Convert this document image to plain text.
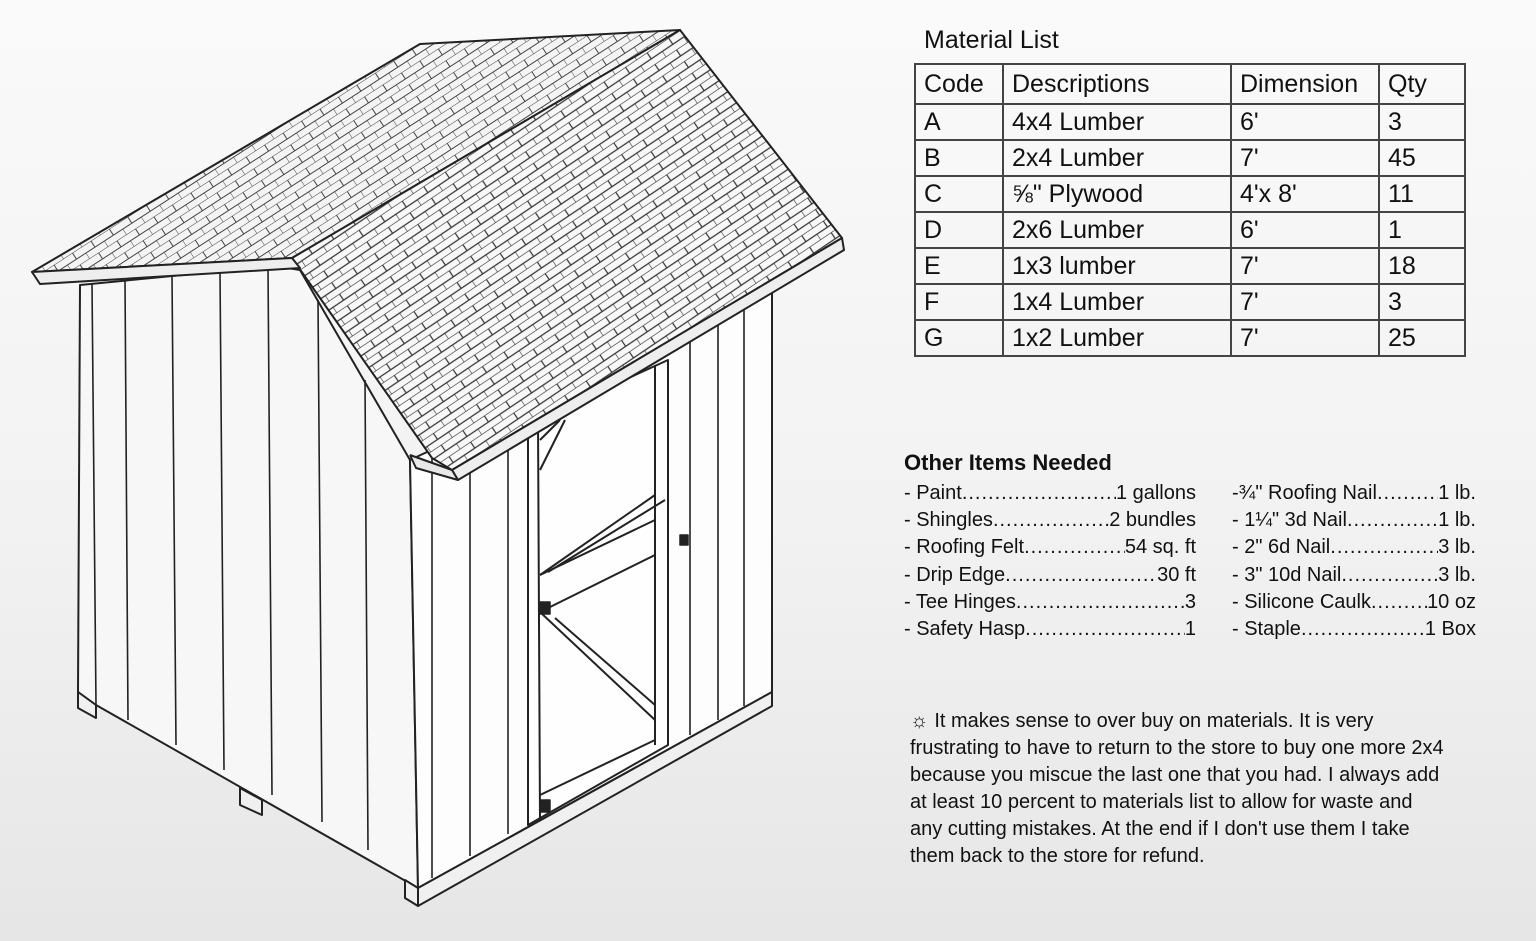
Material List
Code	Descriptions	Dimension	Qty
A	4x4 Lumber	6'	3
B	2x4 Lumber	7'	45
C	⅝" Plywood	4'x 8'	11
D	2x6 Lumber	6'	1
E	1x3 lumber	7'	18
F	1x4 Lumber	7'	3
G	1x2 Lumber	7'	25
Other Items Needed
- Paint .....	1 gallons
- Shingles .....	2 bundles
- Roofing Felt .....	54 sq. ft
- Drip Edge .....	30 ft
- Tee Hinges .....	3
- Safety Hasp .....	1
-¾" Roofing Nail .....	1 lb.
- 1¼" 3d Nail .....	1 lb.
- 2" 6d Nail .....	3 lb.
- 3" 10d Nail .....	3 lb.
- Silicone Caulk .....	10 oz
- Staple .....	1 Box

☼ It makes sense to over buy on materials. It is very frustrating to have to return to the store to buy one more 2x4 because you miscue the last one that you had. I always add at least 10 percent to materials list to allow for waste and any cutting mistakes. At the end if I don't use them I take them back to the store for refund.
